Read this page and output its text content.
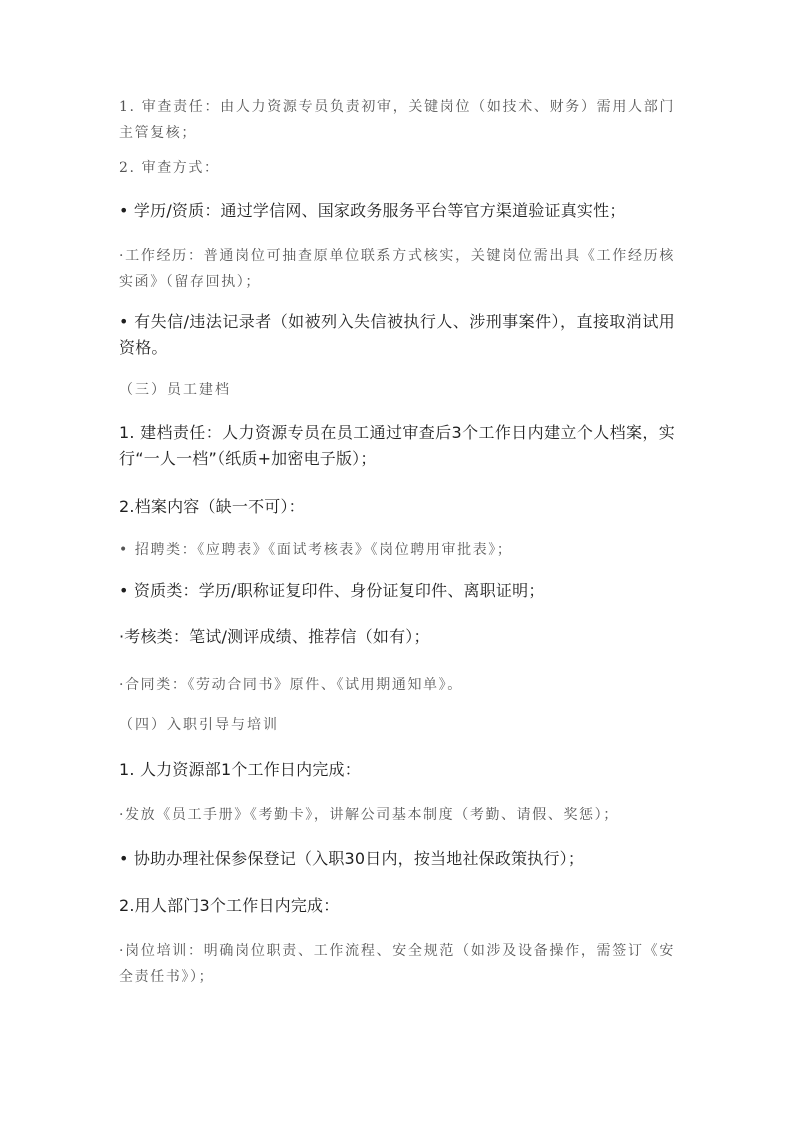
1. 审查责任：由人力资源专员负责初审，关键岗位（如技术、财务）需用人部门主管复核；

2. 审查方式：

• 学历/资质：通过学信网、国家政务服务平台等官方渠道验证真实性；

·工作经历：普通岗位可抽查原单位联系方式核实，关键岗位需出具《工作经历核实函》（留存回执）；

• 有失信/违法记录者（如被列入失信被执行人、涉刑事案件），直接取消试用资格。

（三）员工建档

1. 建档责任：人力资源专员在员工通过审查后3个工作日内建立个人档案，实行“一人一档”（纸质+加密电子版）；

2.档案内容（缺一不可）：

• 招聘类：《应聘表》《面试考核表》《岗位聘用审批表》；

• 资质类：学历/职称证复印件、身份证复印件、离职证明；

·考核类：笔试/测评成绩、推荐信（如有）；

·合同类：《劳动合同书》原件、《试用期通知单》。

（四）入职引导与培训

1. 人力资源部1个工作日内完成：

·发放《员工手册》《考勤卡》，讲解公司基本制度（考勤、请假、奖惩）；

• 协助办理社保参保登记（入职30日内，按当地社保政策执行）；

2.用人部门3个工作日内完成：

·岗位培训：明确岗位职责、工作流程、安全规范（如涉及设备操作，需签订《安全责任书》）；
